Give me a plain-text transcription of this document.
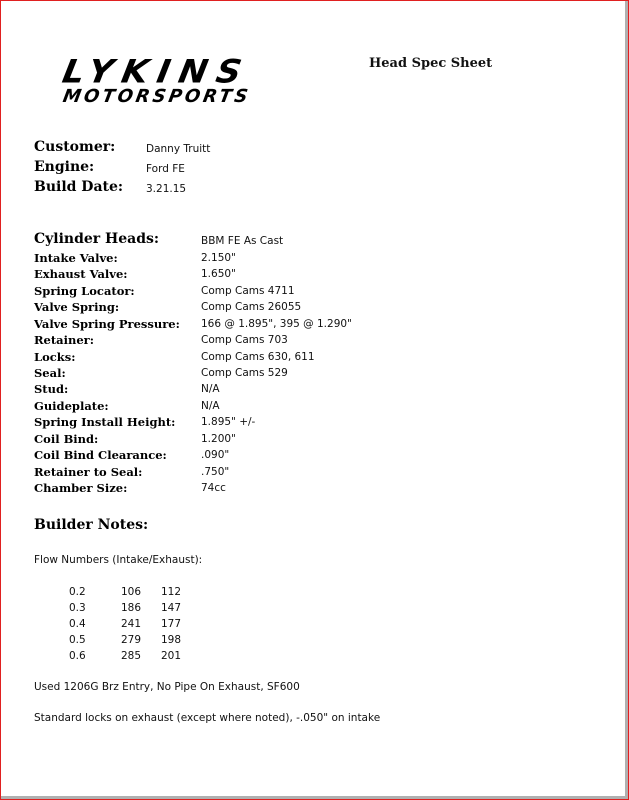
LYKINS
MOTORSPORTS
Head Spec Sheet
Customer:	Danny Truitt
Engine:	Ford FE
Build Date: 3.21.15
Cylinder Heads:	BBM FE As Cast
Intake Valve:	2.150"
Exhaust Valve:	1.650"
Spring Locator:	Comp Cams 4711
Valve Spring:	Comp Cams 26055
Valve Spring Pressure: 166 @ 1.895", 395 @ 1.290"
Retainer:	Comp Cams 703
Locks:	Comp Cams 630, 611
Seal:	Comp Cams 529
Stud:	N/A
Guideplate:	N/A
Spring Install Height: 1.895" +/-
Coil Bind:	1.200"
Coil Bind Clearance:	.090"
Retainer to Seal:	.750"
Chamber Size:	74cc
Builder Notes:
Flow Numbers (Intake/Exhaust):
0.2	106 112
0.3	186 147
0.4	241 177
0.5	279 198
0.6	285 201
Used 1206G Brz Entry, No Pipe On Exhaust, SF600
Standard locks on exhaust (except where noted), -.050" on intake
